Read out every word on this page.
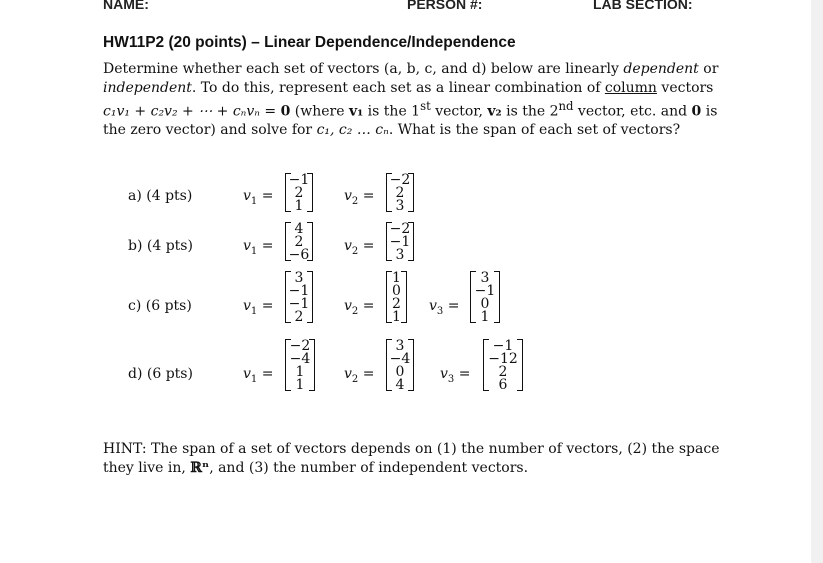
NAME:	PERSON #:	LAB SECTION:
HW11P2 (20 points) – Linear Dependence/Independence
Determine whether each set of vectors (a, b, c, and d) below are linearly dependent or independent. To do this, represent each set as a linear combination of column vectors c₁v₁ + c₂v₂ + ⋯ + cₙvₙ = 0 (where v₁ is the 1st vector, v₂ is the 2nd vector, etc. and 0 is the zero vector) and solve for c₁, c₂ … cₙ. What is the span of each set of vectors?
a) (4 pts)	$v_1$ =
−1
2
1
$v_2$ =
−2
2
3
b) (4 pts)	$v_1$ =
4
2
−6
$v_2$ =
−2
−1
3
c) (6 pts)	$v_1$ =
3
−1
−1
2
$v_2$ =
1
0
2
1
$v_3$ =
3
−1
0
1
d) (6 pts)	$v_1$ =
−2
−4
1
1
$v_2$ =
3
−4
0
4
$v_3$ =
−1
−12
2
6
HINT: The span of a set of vectors depends on (1) the number of vectors, (2) the space they live in, ℝⁿ, and (3) the number of independent vectors.
